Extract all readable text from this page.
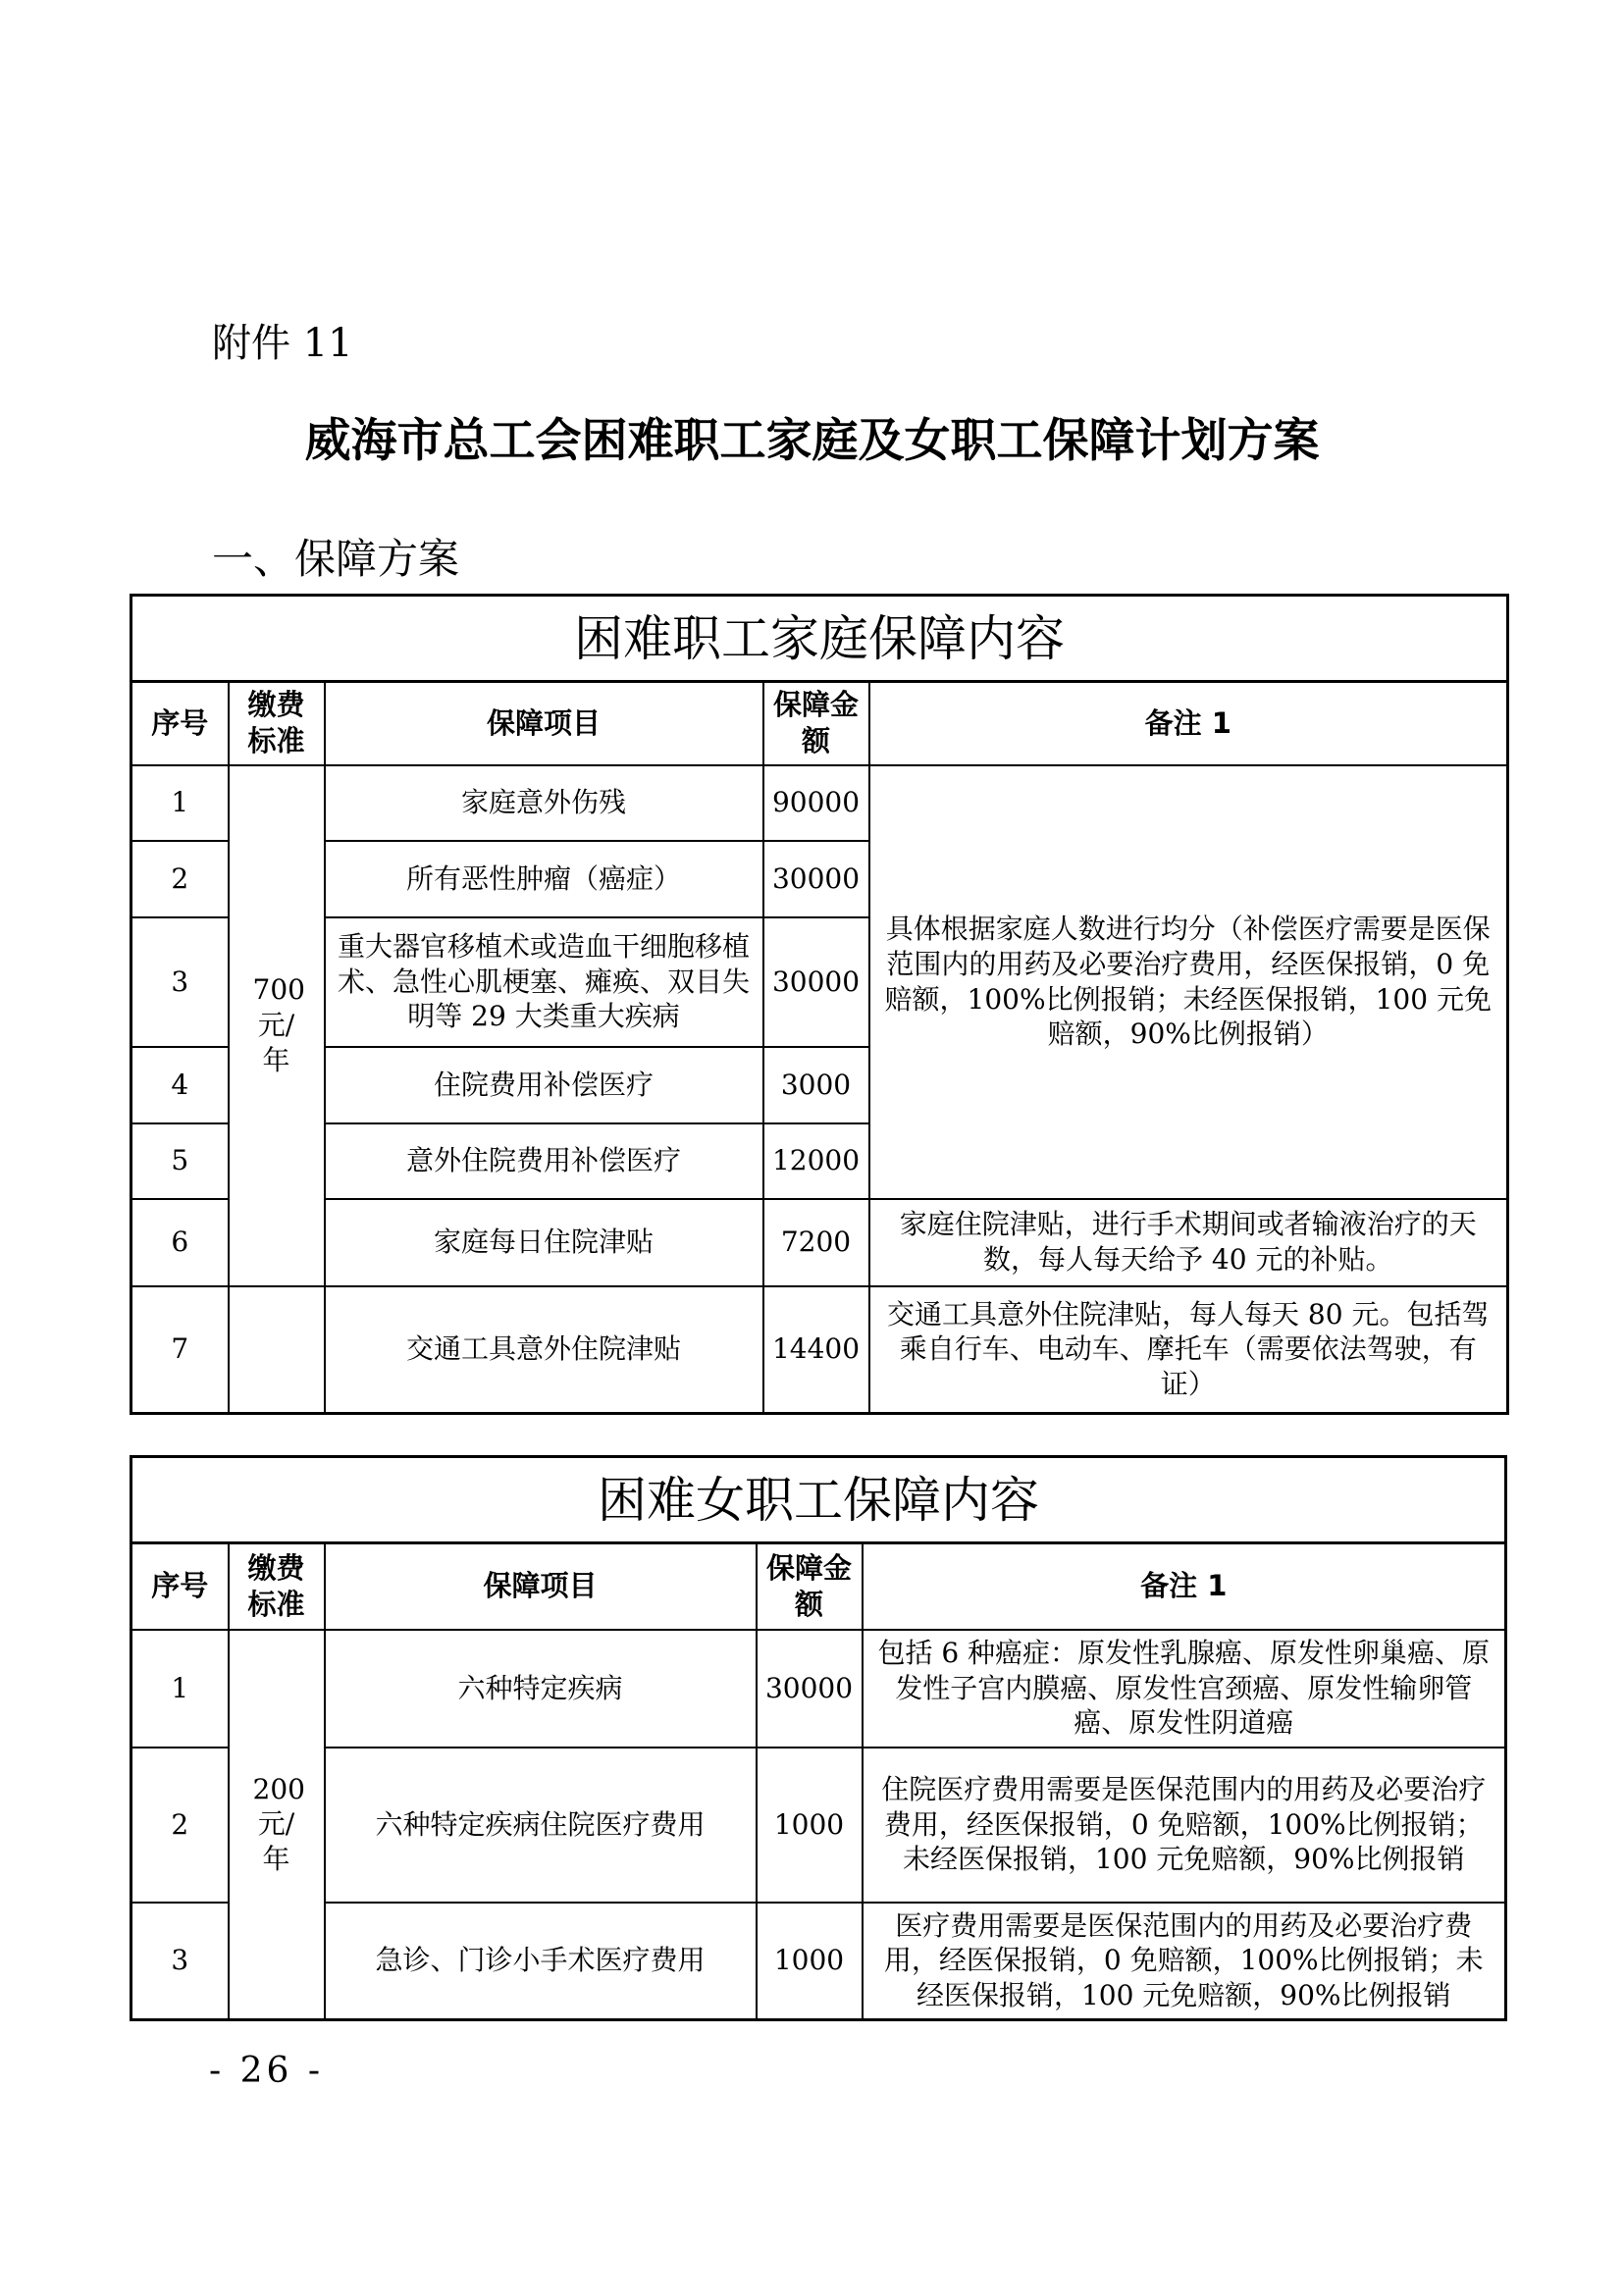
附件 11
威海市总工会困难职工家庭及女职工保障计划方案
一、保障方案
困难职工家庭保障内容				
序号	缴费标准	保障项目	保障金额	备注 1
1	700元/年	家庭意外伤残	90000	具体根据家庭人数进行均分（补偿医疗需要是医保范围内的用药及必要治疗费用，经医保报销，0 免赔额，100%比例报销；未经医保报销，100 元免赔额，90%比例报销）
2		所有恶性肿瘤（癌症）	30000	
3		重大器官移植术或造血干细胞移植术、急性心肌梗塞、瘫痪、双目失明等 29 大类重大疾病	30000	
4		住院费用补偿医疗	3000	
5		意外住院费用补偿医疗	12000	
6		家庭每日住院津贴	7200	家庭住院津贴，进行手术期间或者输液治疗的天数，每人每天给予 40 元的补贴。
7		交通工具意外住院津贴	14400	交通工具意外住院津贴，每人每天 80 元。包括驾乘自行车、电动车、摩托车（需要依法驾驶，有证）
困难女职工保障内容				
序号	缴费标准	保障项目	保障金额	备注 1
1	200元/年	六种特定疾病	30000	包括 6 种癌症：原发性乳腺癌、原发性卵巢癌、原发性子宫内膜癌、原发性宫颈癌、原发性输卵管癌、原发性阴道癌
2		六种特定疾病住院医疗费用	1000	住院医疗费用需要是医保范围内的用药及必要治疗费用，经医保报销，0 免赔额，100%比例报销；未经医保报销，100 元免赔额，90%比例报销
3		急诊、门诊小手术医疗费用	1000	医疗费用需要是医保范围内的用药及必要治疗费用，经医保报销，0 免赔额，100%比例报销；未经医保报销，100 元免赔额，90%比例报销
- 26 -
